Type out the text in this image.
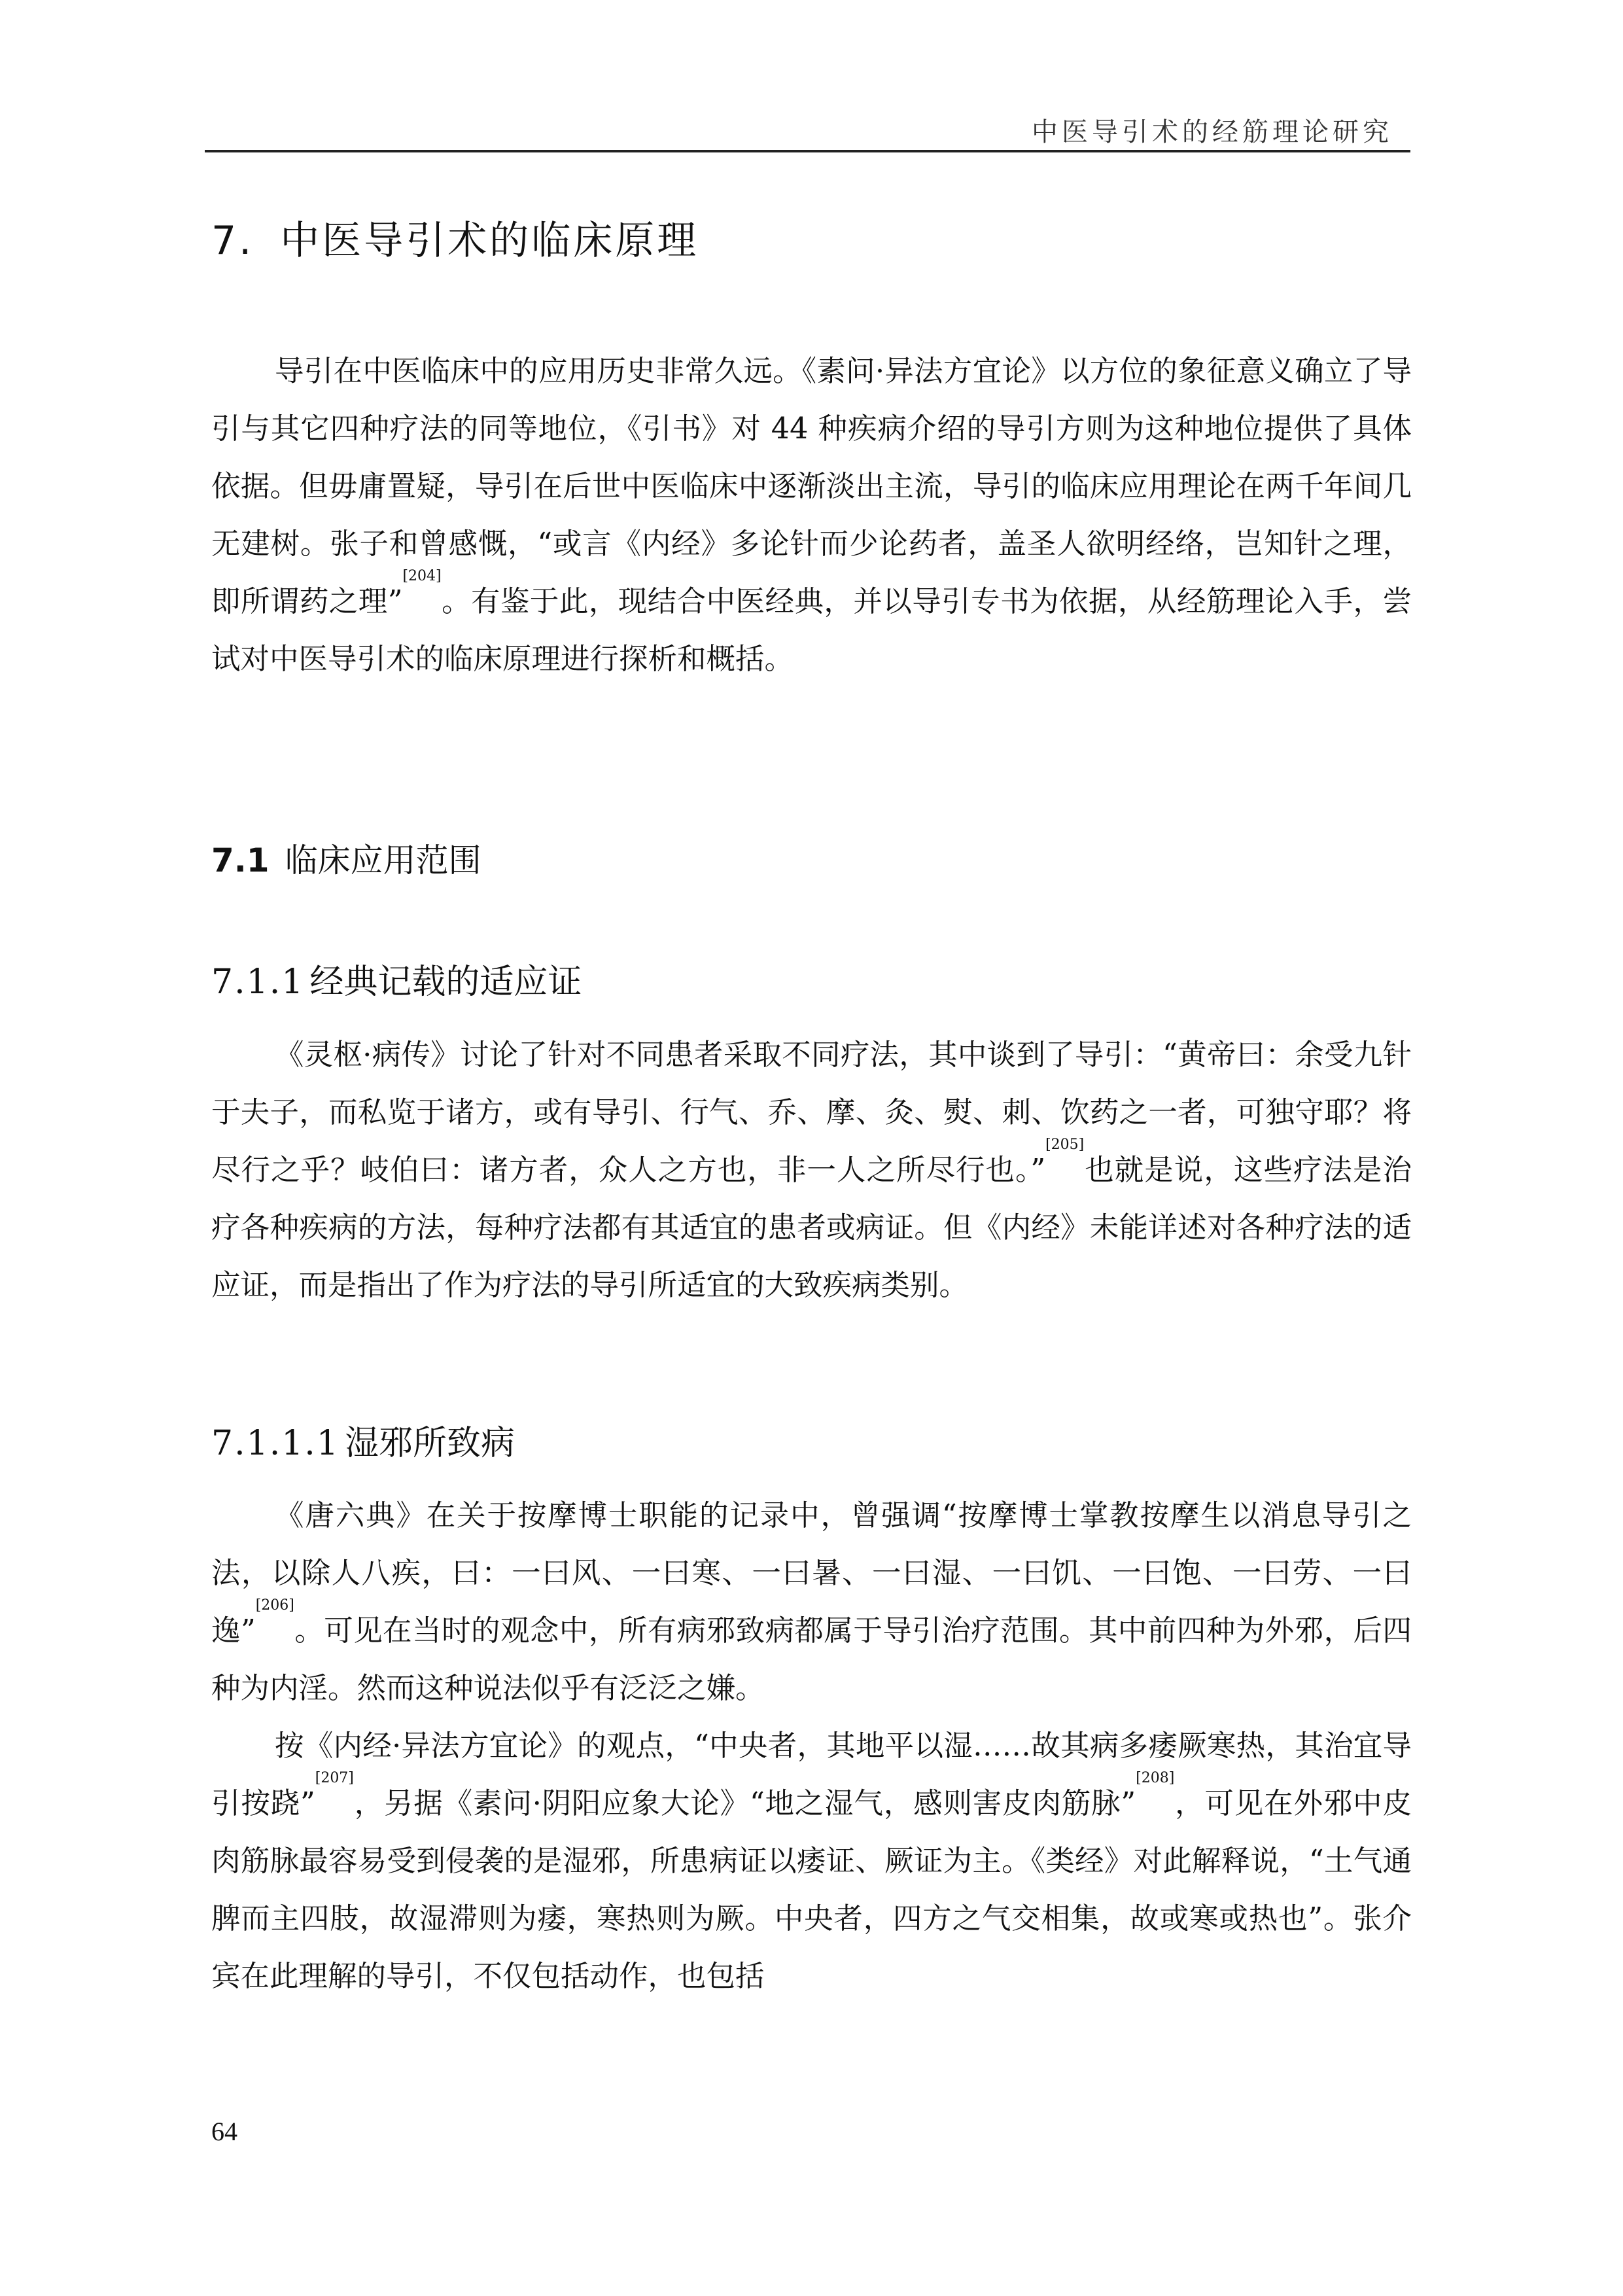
中医导引术的经筋理论研究
7. 中医导引术的临床原理

导引在中医临床中的应用历史非常久远。《素问·异法方宜论》以方位的象征意义确立了导引与其它四种疗法的同等地位，《引书》对 44 种疾病介绍的导引方则为这种地位提供了具体依据。但毋庸置疑，导引在后世中医临床中逐渐淡出主流，导引的临床应用理论在两千年间几无建树。张子和曾感慨，“或言《内经》多论针而少论药者，盖圣人欲明经络，岂知针之理，即所谓药之理”[204]。有鉴于此，现结合中医经典，并以导引专书为依据，从经筋理论入手，尝试对中医导引术的临床原理进行探析和概括。

7.1 临床应用范围
7.1.1 经典记载的适应证

《灵枢·病传》讨论了针对不同患者采取不同疗法，其中谈到了导引：“黄帝曰：余受九针于夫子，而私览于诸方，或有导引、行气、乔、摩、灸、熨、刺、饮药之一者，可独守耶？将尽行之乎？岐伯曰：诸方者，众人之方也，非一人之所尽行也。”[205]也就是说，这些疗法是治疗各种疾病的方法，每种疗法都有其适宜的患者或病证。但《内经》未能详述对各种疗法的适应证，而是指出了作为疗法的导引所适宜的大致疾病类别。

7.1.1.1 湿邪所致病

《唐六典》在关于按摩博士职能的记录中，曾强调“按摩博士掌教按摩生以消息导引之法，以除人八疾，曰：一曰风、一曰寒、一曰暑、一曰湿、一曰饥、一曰饱、一曰劳、一曰逸”[206]。可见在当时的观念中，所有病邪致病都属于导引治疗范围。其中前四种为外邪，后四种为内淫。然而这种说法似乎有泛泛之嫌。

按《内经·异法方宜论》的观点，“中央者，其地平以湿……故其病多痿厥寒热，其治宜导引按跷”[207]，另据《素问·阴阳应象大论》“地之湿气，感则害皮肉筋脉”[208]，可见在外邪中皮肉筋脉最容易受到侵袭的是湿邪，所患病证以痿证、厥证为主。《类经》对此解释说，“土气通脾而主四肢，故湿滞则为痿，寒热则为厥。中央者，四方之气交相集，故或寒或热也”。张介宾在此理解的导引，不仅包括动作，也包括

64
